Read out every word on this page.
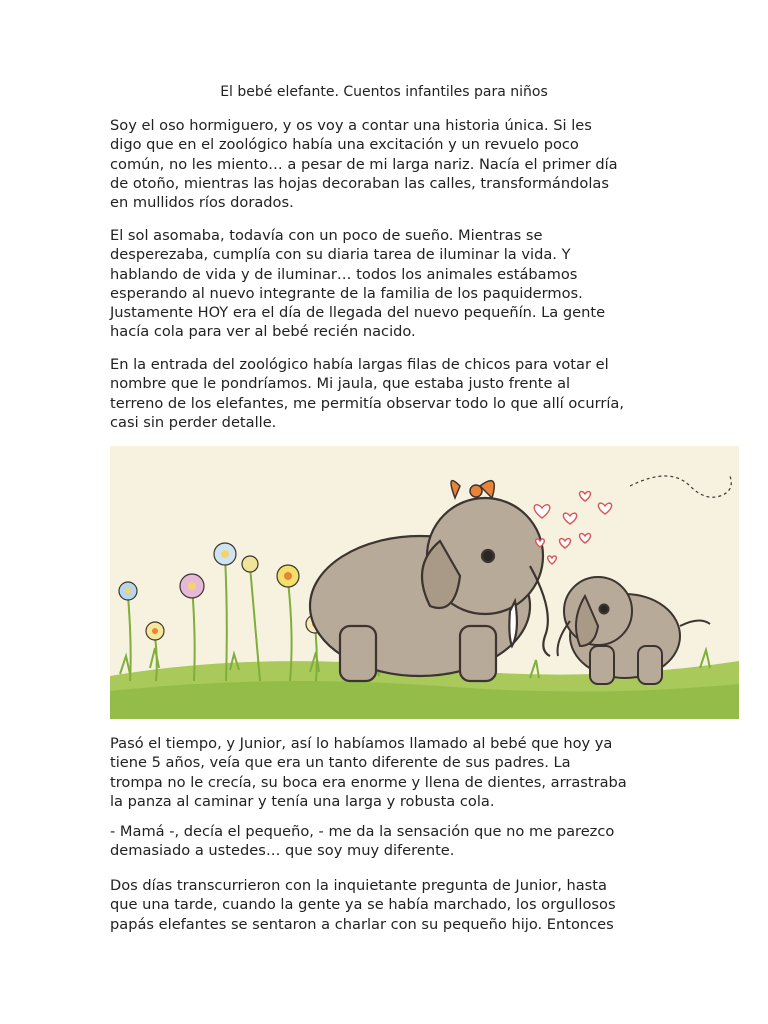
El bebé elefante. Cuentos infantiles para niños

Soy el oso hormiguero, y os voy a contar una historia única. Si les
digo que en el zoológico había una excitación y un revuelo poco
común, no les miento… a pesar de mi larga nariz. Nacía el primer día
de otoño, mientras las hojas decoraban las calles, transformándolas
en mullidos ríos dorados.

El sol asomaba, todavía con un poco de sueño. Mientras se
desperezaba, cumplía con su diaria tarea de iluminar la vida. Y
hablando de vida y de iluminar… todos los animales estábamos
esperando al nuevo integrante de la familia de los paquidermos.
Justamente HOY era el día de llegada del nuevo pequeñín. La gente
hacía cola para ver al bebé recién nacido.

En la entrada del zoológico había largas filas de chicos para votar el
nombre que le pondríamos. Mi jaula, que estaba justo frente al
terreno de los elefantes, me permitía observar todo lo que allí ocurría,
casi sin perder detalle.

Pasó el tiempo, y Junior, así lo habíamos llamado al bebé que hoy ya
tiene 5 años, veía que era un tanto diferente de sus padres. La
trompa no le crecía, su boca era enorme y llena de dientes, arrastraba
la panza al caminar y tenía una larga y robusta cola.

- Mamá -, decía el pequeño, - me da la sensación que no me parezco
demasiado a ustedes… que soy muy diferente.

Dos días transcurrieron con la inquietante pregunta de Junior, hasta
que una tarde, cuando la gente ya se había marchado, los orgullosos
papás elefantes se sentaron a charlar con su pequeño hijo. Entonces
